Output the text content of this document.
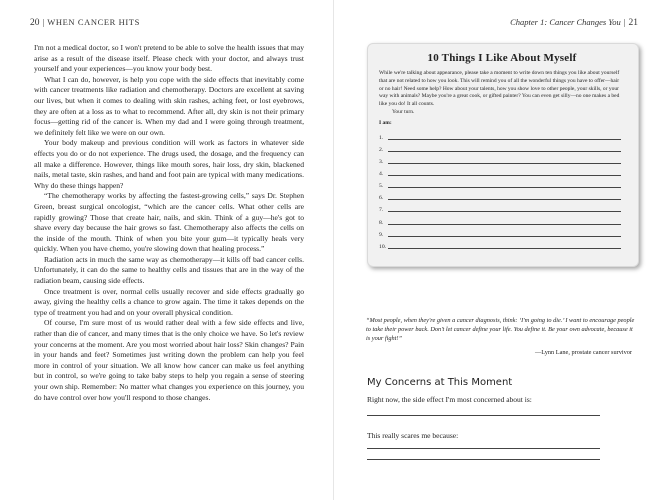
20 | WHEN CANCER HITS

I'm not a medical doctor, so I won't pretend to be able to solve the health issues that may arise as a result of the disease itself. Please check with your doctor, and always trust yourself and your experiences—you know your body best.

What I can do, however, is help you cope with the side effects that inevitably come with cancer treatments like radiation and chemotherapy. Doctors are excellent at saving our lives, but when it comes to dealing with skin rashes, aching feet, or lost eyebrows, they are often at a loss as to what to recommend. After all, dry skin is not their primary focus—getting rid of the cancer is. When my dad and I were going through treatment, we definitely felt like we were on our own.

Your body makeup and previous condition will work as factors in whatever side effects you do or do not experience. The drugs used, the dosage, and the frequency can all make a difference. However, things like mouth sores, hair loss, dry skin, blackened nails, metal taste, skin rashes, and hand and foot pain are typical with many medications. Why do these things happen?

“The chemotherapy works by affecting the fastest-growing cells,” says Dr. Stephen Green, breast surgical oncologist, “which are the cancer cells. What other cells are rapidly growing? Those that create hair, nails, and skin. Think of a guy—he's got to shave every day because the hair grows so fast. Chemotherapy also affects the cells on the inside of the mouth. Think of when you bite your gum—it typically heals very quickly. When you have chemo, you're slowing down that healing process.”

Radiation acts in much the same way as chemotherapy—it kills off bad cancer cells. Unfortunately, it can do the same to healthy cells and tissues that are in the way of the radiation beam, causing side effects.

Once treatment is over, normal cells usually recover and side effects gradually go away, giving the healthy cells a chance to grow again. The time it takes depends on the type of treatment you had and on your overall physical condition.

Of course, I'm sure most of us would rather deal with a few side effects and live, rather than die of cancer, and many times that is the only choice we have. So let's review your concerns at the moment. Are you most worried about hair loss? Skin changes? Pain in your hands and feet? Sometimes just writing down the problem can help you feel more in control of your situation. We all know how cancer can make us feel anything but in control, so we're going to take baby steps to help you regain a sense of steering your own ship. Remember: No matter what changes you experience on this journey, you do have control over how you'll respond to those changes.

Chapter 1: Cancer Changes You | 21
10 Things I Like About Myself

While we're talking about appearance, please take a moment to write down ten things you like about yourself that are not related to how you look. This will remind you of all the wonderful things you have to offer—hair or no hair! Need some help? How about your talents, how you show love to other people, your skills, or your way with animals? Maybe you're a great cook, or gifted painter? You can even get silly—no one makes a bed like you do! It all counts.

Your turn.

I am:

1.
2.
3.
4.
5.
6.
7.
8.
9.
10.

“Most people, when they're given a cancer diagnosis, think: ‘I'm going to die.’ I want to encourage people to take their power back. Don't let cancer define your life. You define it. Be your own advocate, because it is your fight!”

—Lynn Lane, prostate cancer survivor

My Concerns at This Moment

Right now, the side effect I'm most concerned about is:

This really scares me because:
